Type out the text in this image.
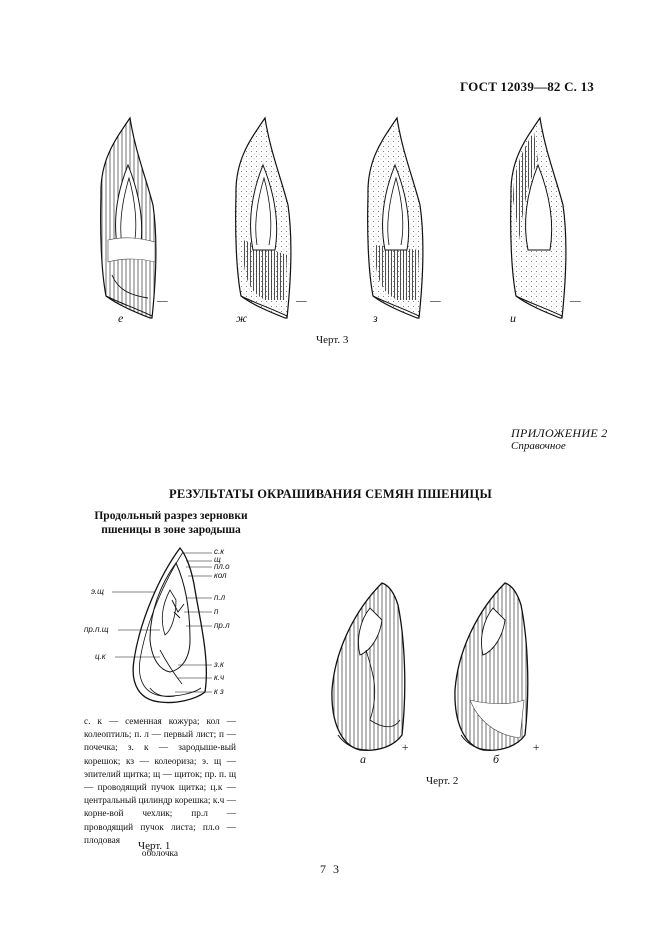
ГОСТ 12039—82 С. 13
е
—
ж
—
з
—
и
—
Черт. 3
ПРИЛОЖЕНИЕ 2
Справочное
РЕЗУЛЬТАТЫ ОКРАШИВАНИЯ СЕМЯН ПШЕНИЦЫ
Продольный разрез зерновки
пшеницы в зоне зародыша
с.к
щ
пл.о
кол
п.л
п
пр.л
з.к
к.ч
к з
э.щ
пр.п.щ
ц.к

с. к — семенная кожура; кол — колеоптиль; п. л — первый лист; п — почечка; з. к — зародыше-вый корешок; кз — колеориза; э. щ — эпителий щитка; щ — щиток; пр. п. щ — проводящий пучок щитка; ц.к — центральный цилиндр корешка; к.ч — корне-вой чехлик; пр.л — проводящий пучок листа; пл.о — плодовая

оболочка

Черт. 1
а
+
б
+
Черт. 2
7 3
